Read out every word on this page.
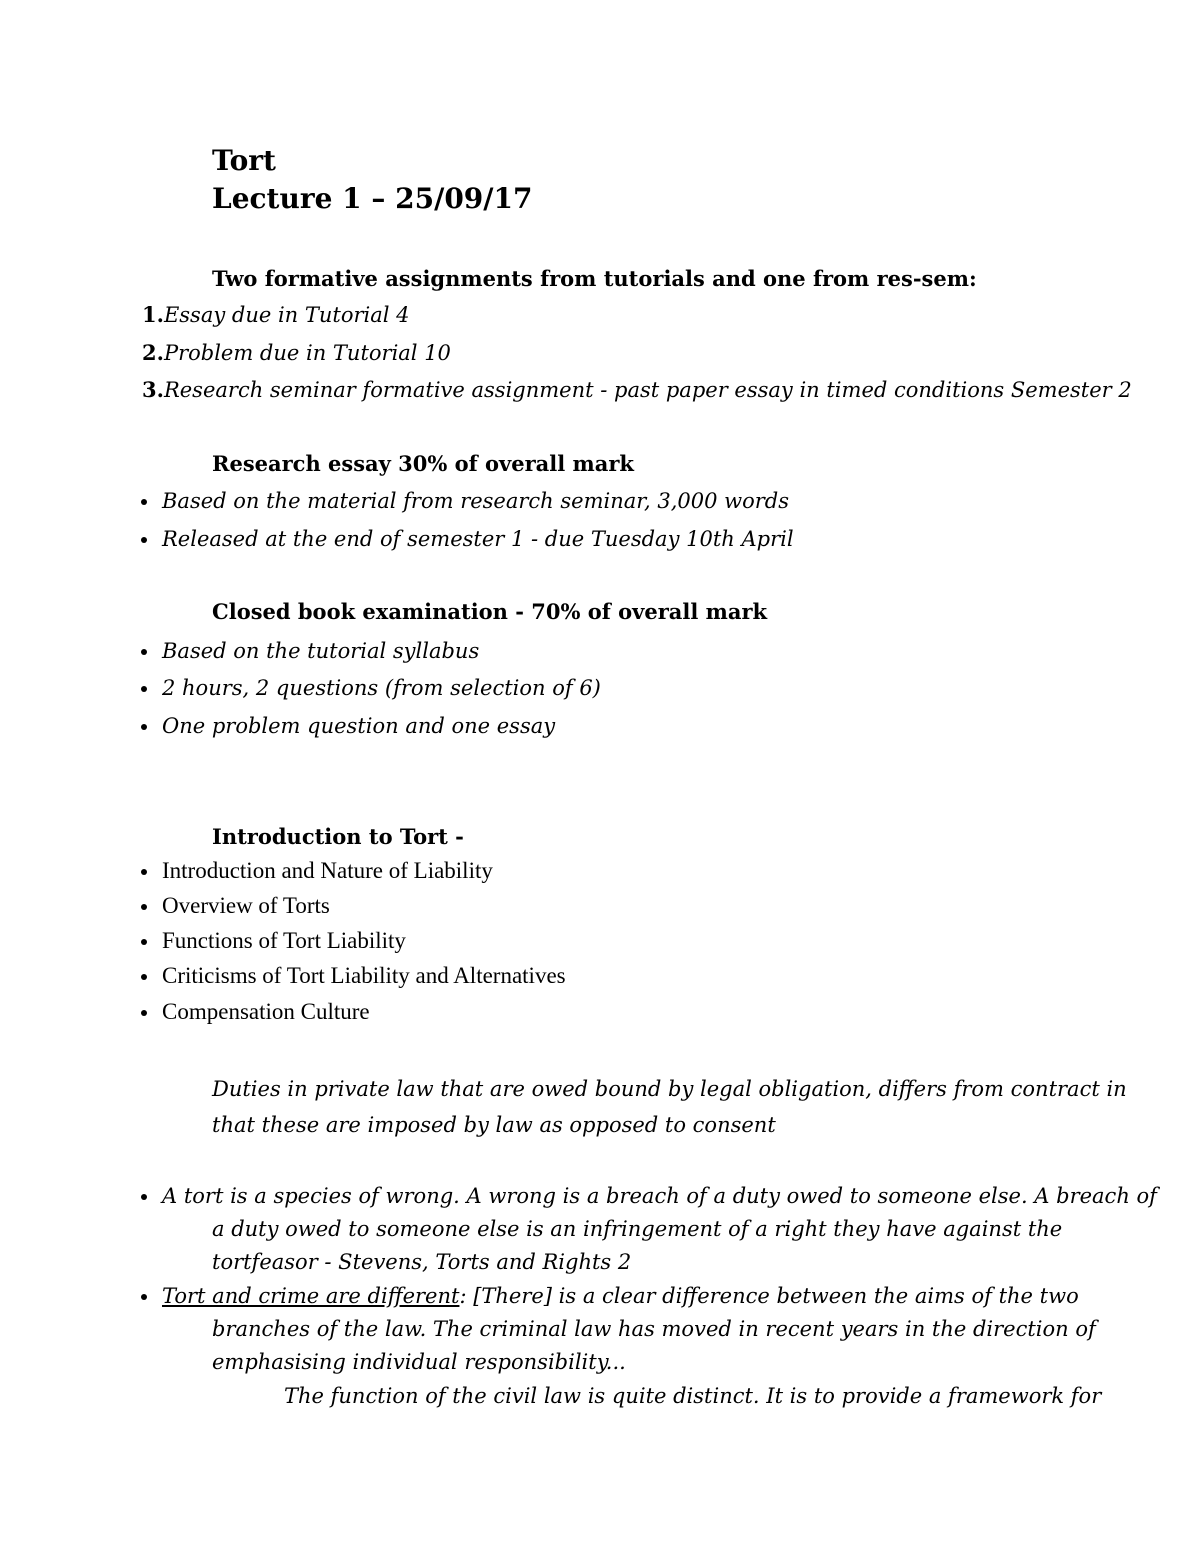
Tort
Lecture 1 – 25/09/17
Two formative assignments from tutorials and one from res-sem:
1.Essay due in Tutorial 4
2.Problem due in Tutorial 10
3.Research seminar formative assignment - past paper essay in timed conditions Semester 2
Research essay 30% of overall mark
Based on the material from research seminar, 3,000 words
Released at the end of semester 1 - due Tuesday 10th April
Closed book examination - 70% of overall mark
Based on the tutorial syllabus
2 hours, 2 questions (from selection of 6)
One problem question and one essay
Introduction to Tort -
Introduction and Nature of Liability
Overview of Torts
Functions of Tort Liability
Criticisms of Tort Liability and Alternatives
Compensation Culture
Duties in private law that are owed bound by legal obligation, differs from contract in
that these are imposed by law as opposed to consent
A tort is a species of wrong. A wrong is a breach of a duty owed to someone else. A breach of
a duty owed to someone else is an infringement of a right they have against the
tortfeasor - Stevens, Torts and Rights 2
Tort and crime are different: [There] is a clear difference between the aims of the two
branches of the law. The criminal law has moved in recent years in the direction of
emphasising individual responsibility...
The function of the civil law is quite distinct. It is to provide a framework for
